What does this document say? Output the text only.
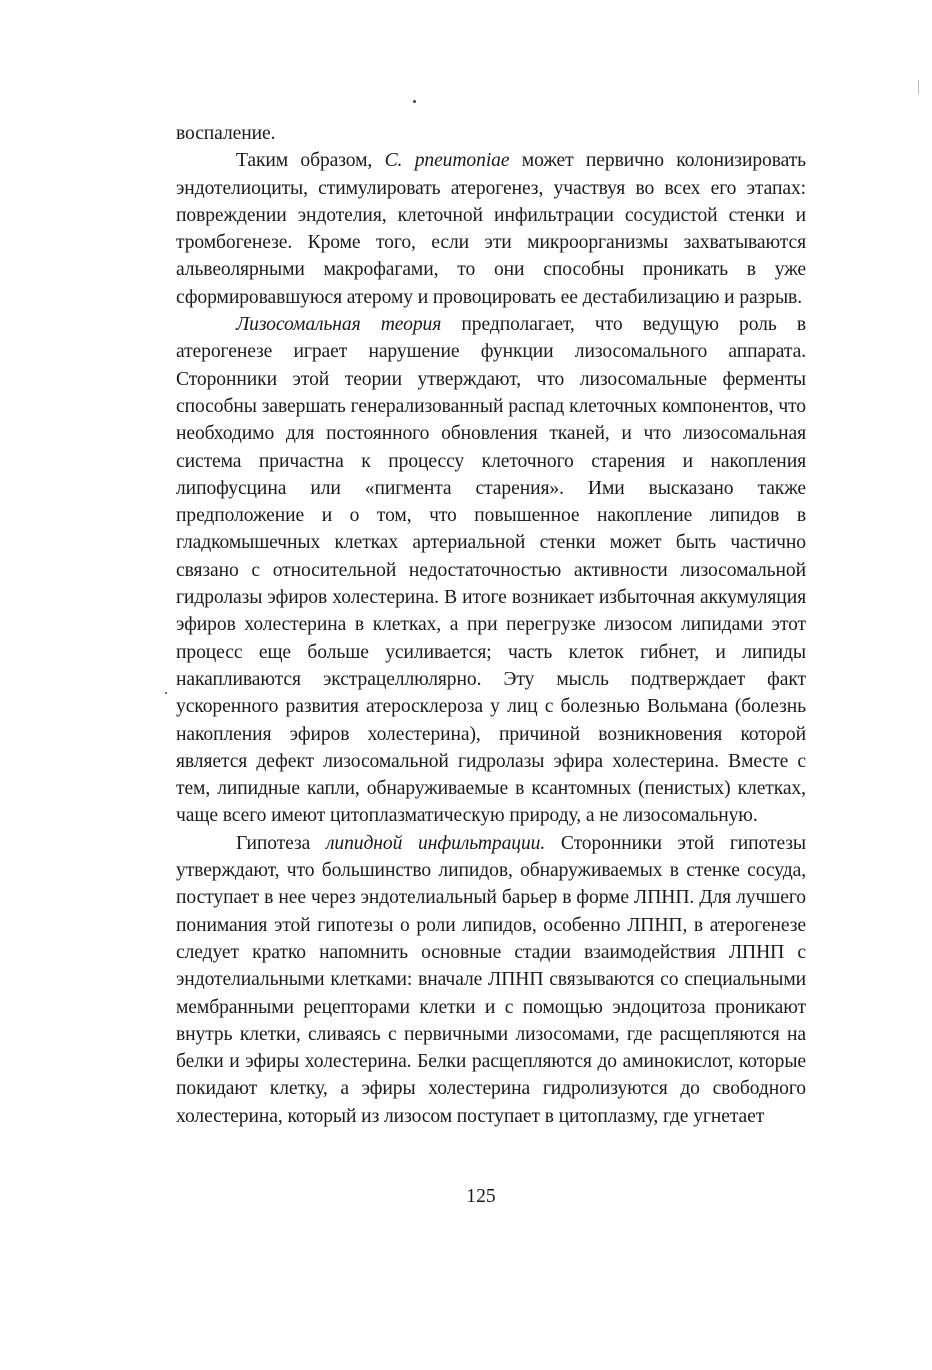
воспаление.

Таким образом, C. pneumoniae может первично колонизировать эндотелиоциты, стимулировать атерогенез, участвуя во всех его этапах: повреждении эндотелия, клеточной инфильтрации сосудистой стенки и тромбогенезе. Кроме того, если эти микроорганизмы захватываются альвеолярными макрофагами, то они способны проникать в уже сформировавшуюся атерому и провоцировать ее дестабилизацию и разрыв.

Лизосомальная теория предполагает, что ведущую роль в атерогенезе играет нарушение функции лизосомального аппарата. Сторонники этой теории утверждают, что лизосомальные ферменты способны завершать генерализованный распад клеточных компонентов, что необходимо для постоянного обновления тканей, и что лизосомальная система причастна к процессу клеточного старения и накопления липофусцина или «пигмента старения». Ими высказано также предположение и о том, что повышенное накопление липидов в гладкомышечных клетках артериальной стенки может быть частично связано с относительной недостаточностью активности лизосомальной гидролазы эфиров холестерина. В итоге возникает избыточная аккумуляция эфиров холестерина в клетках, а при перегрузке лизосом липидами этот процесс еще больше усиливается; часть клеток гибнет, и липиды накапливаются экстрацеллюлярно. Эту мысль подтверждает факт ускоренного развития атеросклероза у лиц с болезнью Вольмана (болезнь накопления эфиров холестерина), причиной возникновения которой является дефект лизосомальной гидролазы эфира холестерина. Вместе с тем, липидные капли, обнаруживаемые в ксантомных (пенистых) клетках, чаще всего имеют цитоплазматическую природу, а не лизосомальную.

Гипотеза липидной инфильтрации. Сторонники этой гипотезы утверждают, что большинство липидов, обнаруживаемых в стенке сосуда, поступает в нее через эндотелиальный барьер в форме ЛПНП. Для лучшего понимания этой гипотезы о роли липидов, особенно ЛПНП, в атерогенезе следует кратко напомнить основные стадии взаимодействия ЛПНП с эндотелиальными клетками: вначале ЛПНП связываются со специальными мембранными рецепторами клетки и с помощью эндоцитоза проникают внутрь клетки, сливаясь с первичными лизосомами, где расщепляются на белки и эфиры холестерина. Белки расщепляются до аминокислот, которые покидают клетку, а эфиры холестерина гидролизуются до свободного холестерина, который из лизосом поступает в цитоплазму, где угнетает

125
